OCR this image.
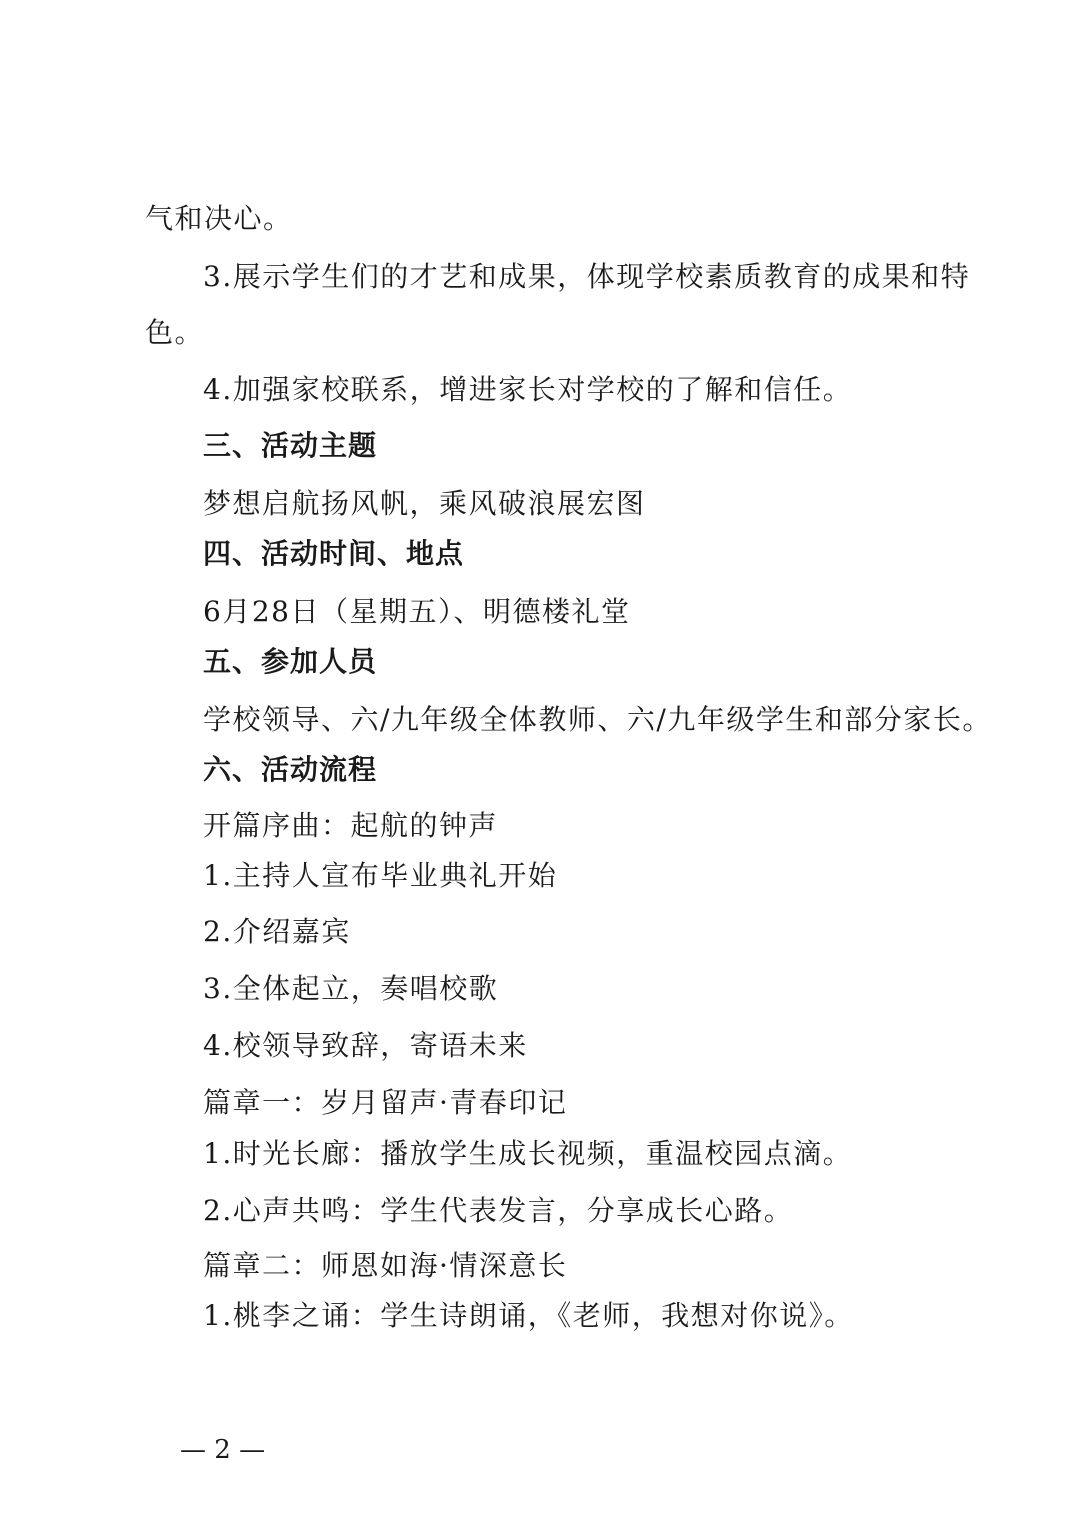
气和决心。
3.展示学生们的才艺和成果，体现学校素质教育的成果和特
色。
4.加强家校联系，增进家长对学校的了解和信任。
三、活动主题
梦想启航扬风帆，乘风破浪展宏图
四、活动时间、地点
6月28日（星期五）、明德楼礼堂
五、参加人员
学校领导、六/九年级全体教师、六/九年级学生和部分家长。
六、活动流程
开篇序曲：起航的钟声
1.主持人宣布毕业典礼开始
2.介绍嘉宾
3.全体起立，奏唱校歌
4.校领导致辞，寄语未来
篇章一：岁月留声·青春印记
1.时光长廊：播放学生成长视频，重温校园点滴。
2.心声共鸣：学生代表发言，分享成长心路。
篇章二：师恩如海·情深意长
1.桃李之诵：学生诗朗诵，《老师，我想对你说》。
— 2 —
